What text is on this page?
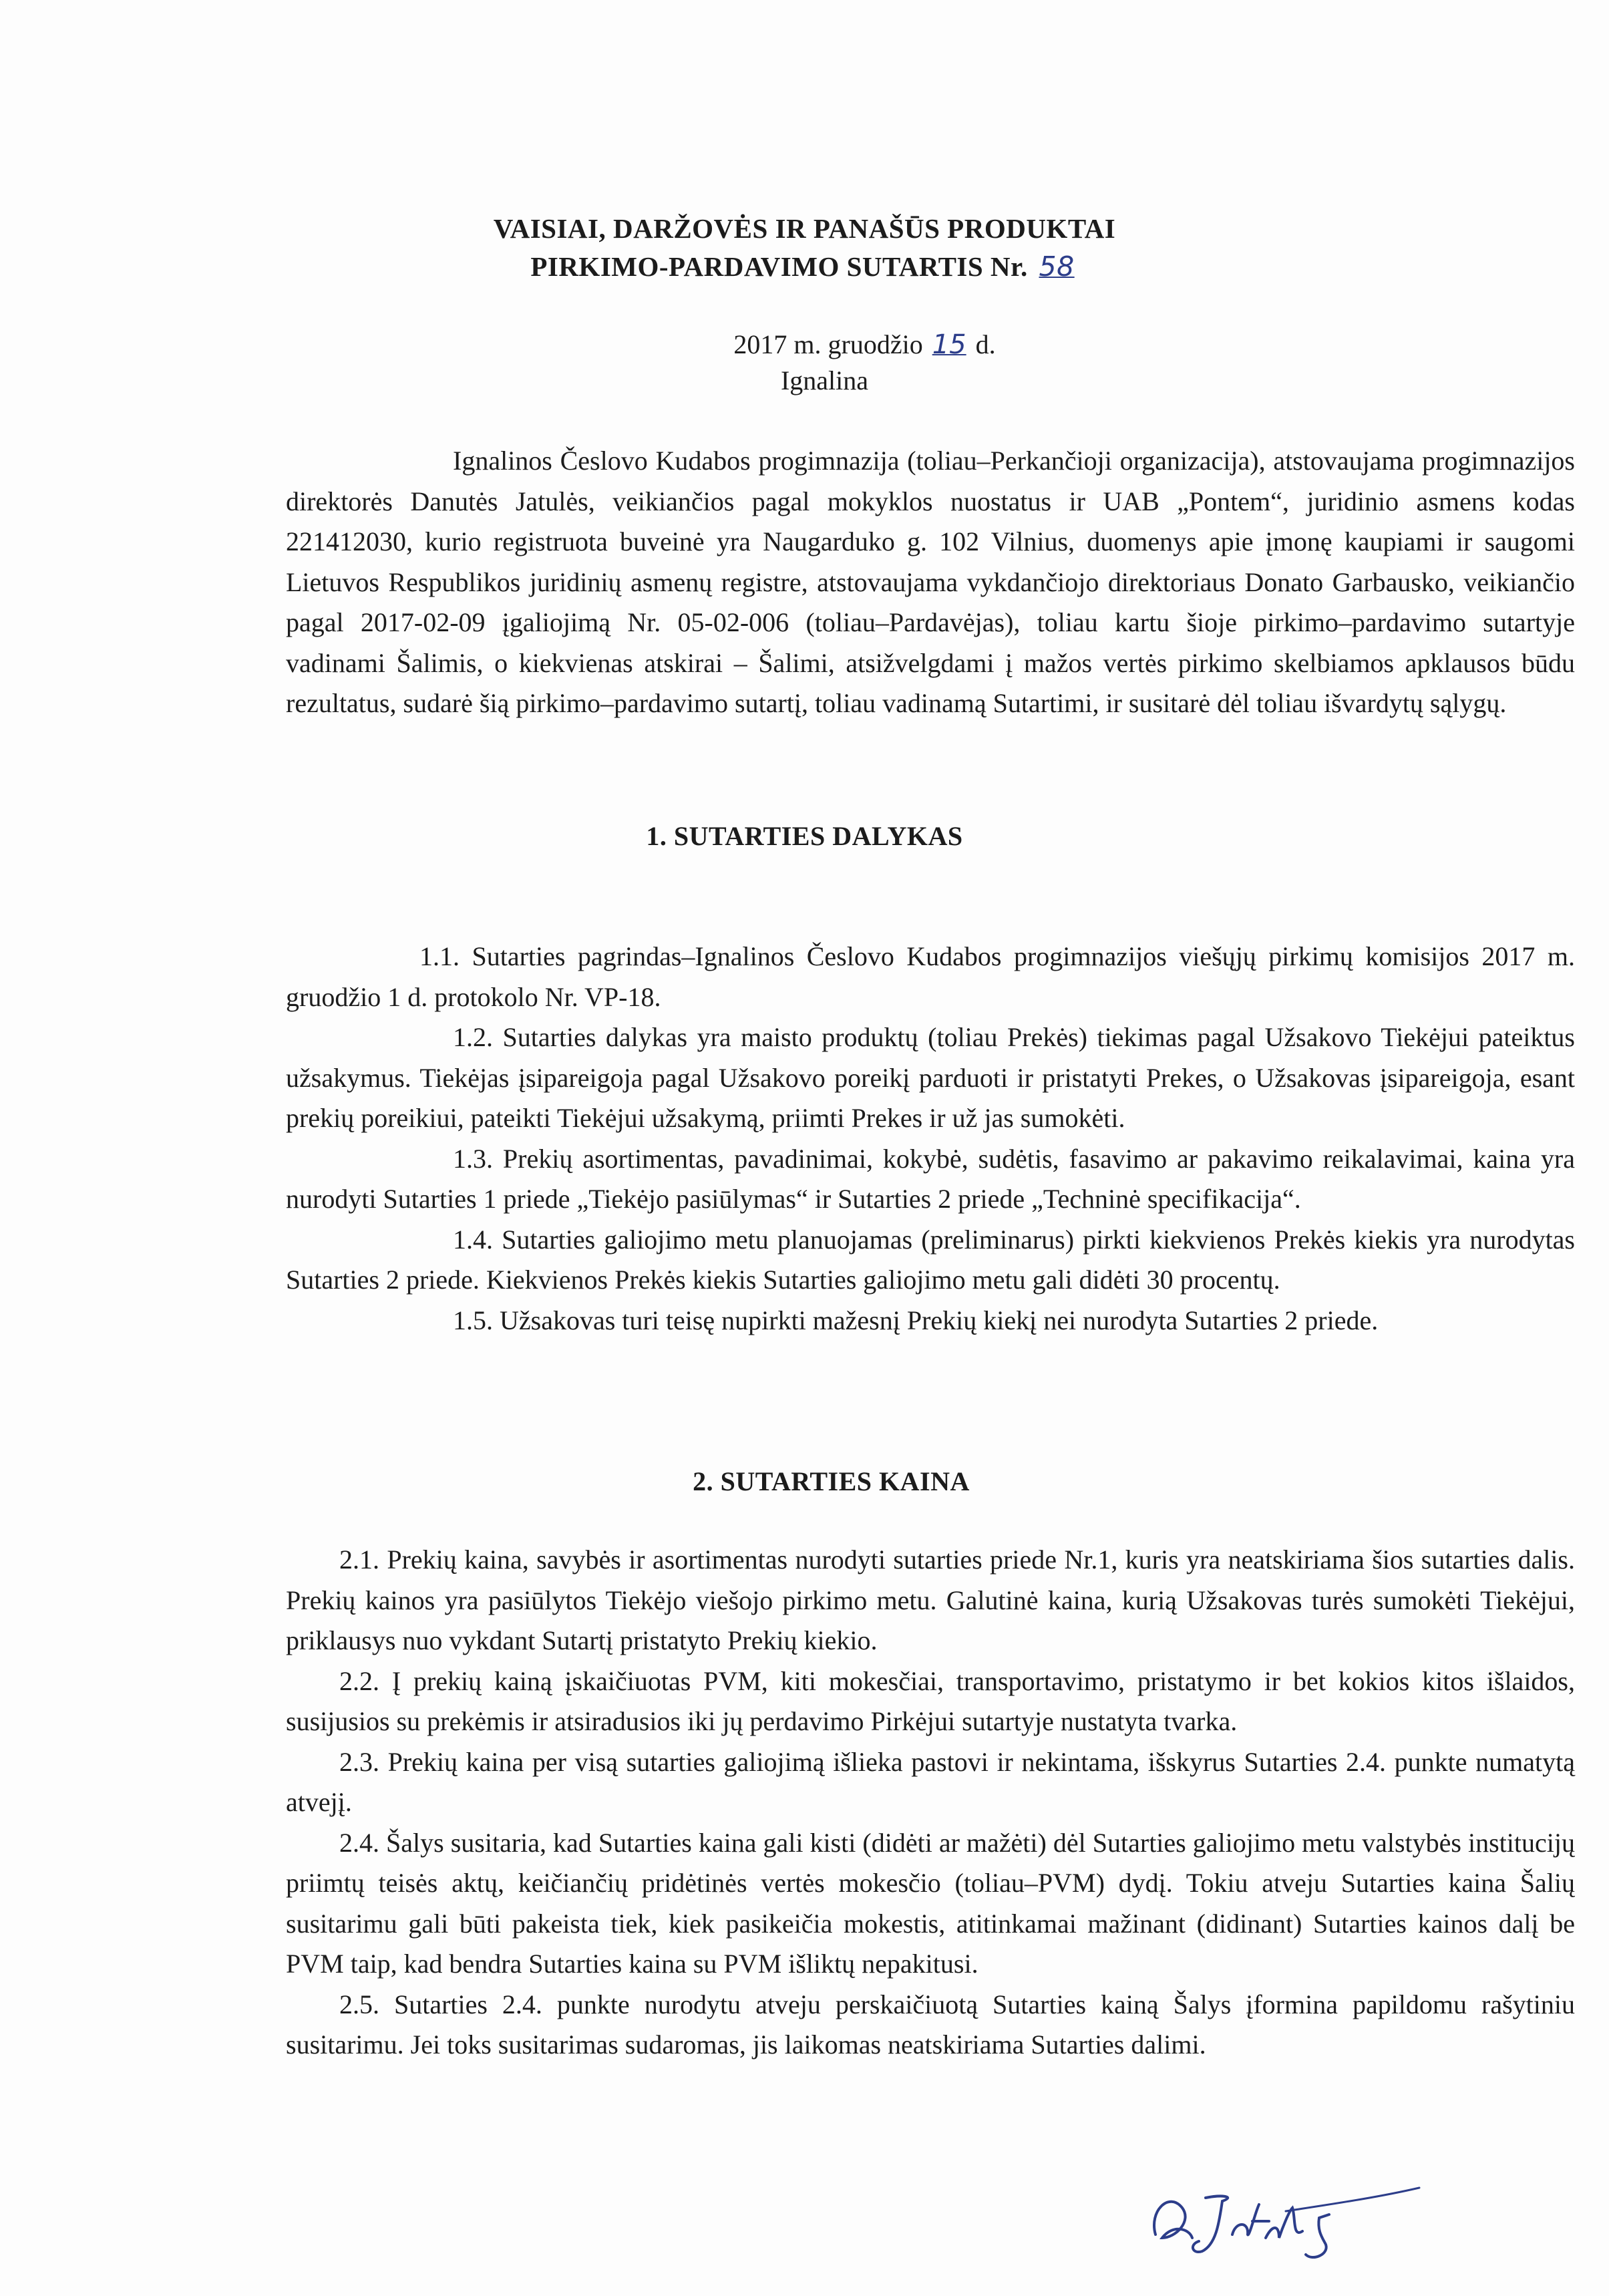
VAISIAI, DARŽOVĖS IR PANAŠŪS PRODUKTAI
PIRKIMO-PARDAVIMO SUTARTIS Nr. 58
2017 m. gruodžio 15 d.
Ignalina

Ignalinos Česlovo Kudabos progimnazija (toliau–Perkančioji organizacija), atstovaujama progimnazijos direktorės Danutės Jatulės, veikiančios pagal mokyklos nuostatus ir UAB „Pontem“, juridinio asmens kodas 221412030, kurio registruota buveinė yra Naugarduko g. 102 Vilnius, duomenys apie įmonę kaupiami ir saugomi Lietuvos Respublikos juridinių asmenų registre, atstovaujama vykdančiojo direktoriaus Donato Garbausko, veikiančio pagal 2017-02-09 įgaliojimą Nr. 05-02-006 (toliau–Pardavėjas), toliau kartu šioje pirkimo–pardavimo sutartyje vadinami Šalimis, o kiekvienas atskirai – Šalimi, atsižvelgdami į mažos vertės pirkimo skelbiamos apklausos būdu rezultatus, sudarė šią pirkimo–pardavimo sutartį, toliau vadinamą Sutartimi, ir susitarė dėl toliau išvardytų sąlygų.

1. SUTARTIES DALYKAS

1.1. Sutarties pagrindas–Ignalinos Česlovo Kudabos progimnazijos viešųjų pirkimų komisijos 2017 m. gruodžio 1 d. protokolo Nr. VP-18.

1.2. Sutarties dalykas yra maisto produktų (toliau Prekės) tiekimas pagal Užsakovo Tiekėjui pateiktus užsakymus. Tiekėjas įsipareigoja pagal Užsakovo poreikį parduoti ir pristatyti Prekes, o Užsakovas įsipareigoja, esant prekių poreikiui, pateikti Tiekėjui užsakymą, priimti Prekes ir už jas sumokėti.

1.3. Prekių asortimentas, pavadinimai, kokybė, sudėtis, fasavimo ar pakavimo reikalavimai, kaina yra nurodyti Sutarties 1 priede „Tiekėjo pasiūlymas“ ir Sutarties 2 priede „Techninė specifikacija“.

1.4. Sutarties galiojimo metu planuojamas (preliminarus) pirkti kiekvienos Prekės kiekis yra nurodytas Sutarties 2 priede. Kiekvienos Prekės kiekis Sutarties galiojimo metu gali didėti 30 procentų.

1.5. Užsakovas turi teisę nupirkti mažesnį Prekių kiekį nei nurodyta Sutarties 2 priede.

2. SUTARTIES KAINA

2.1. Prekių kaina, savybės ir asortimentas nurodyti sutarties priede Nr.1, kuris yra neatskiriama šios sutarties dalis. Prekių kainos yra pasiūlytos Tiekėjo viešojo pirkimo metu. Galutinė kaina, kurią Užsakovas turės sumokėti Tiekėjui, priklausys nuo vykdant Sutartį pristatyto Prekių kiekio.

2.2. Į prekių kainą įskaičiuotas PVM, kiti mokesčiai, transportavimo, pristatymo ir bet kokios kitos išlaidos, susijusios su prekėmis ir atsiradusios iki jų perdavimo Pirkėjui sutartyje nustatyta tvarka.

2.3. Prekių kaina per visą sutarties galiojimą išlieka pastovi ir nekintama, išskyrus Sutarties 2.4. punkte numatytą atvejį.

2.4. Šalys susitaria, kad Sutarties kaina gali kisti (didėti ar mažėti) dėl Sutarties galiojimo metu valstybės institucijų priimtų teisės aktų, keičiančių pridėtinės vertės mokesčio (toliau–PVM) dydį. Tokiu atveju Sutarties kaina Šalių susitarimu gali būti pakeista tiek, kiek pasikeičia mokestis, atitinkamai mažinant (didinant) Sutarties kainos dalį be PVM taip, kad bendra Sutarties kaina su PVM išliktų nepakitusi.

2.5. Sutarties 2.4. punkte nurodytu atveju perskaičiuotą Sutarties kainą Šalys įformina papildomu rašytiniu susitarimu. Jei toks susitarimas sudaromas, jis laikomas neatskiriama Sutarties dalimi.
